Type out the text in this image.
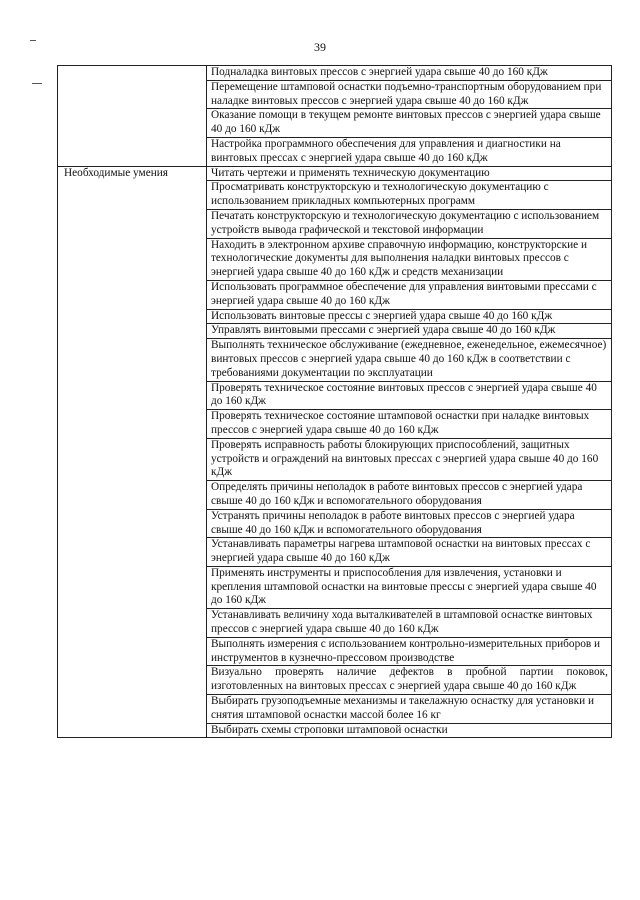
39
	Подналадка винтовых прессов с энергией удара свыше 40 до 160 кДж
	Перемещение штамповой оснастки подъемно-транспортным оборудованием при наладке винтовых прессов с энергией удара свыше 40 до 160 кДж
	Оказание помощи в текущем ремонте винтовых прессов с энергией удара свыше 40 до 160 кДж
	Настройка программного обеспечения для управления и диагностики на винтовых прессах с энергией удара свыше 40 до 160 кДж
Необходимые умения	Читать чертежи и применять техническую документацию
	Просматривать конструкторскую и технологическую документацию с использованием прикладных компьютерных программ
	Печатать конструкторскую и технологическую документацию с использованием устройств вывода графической и текстовой информации
	Находить в электронном архиве справочную информацию, конструкторские и технологические документы для выполнения наладки винтовых прессов с энергией удара свыше 40 до 160 кДж и средств механизации
	Использовать программное обеспечение для управления винтовыми прессами с энергией удара свыше 40 до 160 кДж
	Использовать винтовые прессы с энергией удара свыше 40 до 160 кДж
	Управлять винтовыми прессами с энергией удара свыше 40 до 160 кДж
	Выполнять техническое обслуживание (ежедневное, еженедельное, ежемесячное) винтовых прессов с энергией удара свыше 40 до 160 кДж в соответствии с требованиями документации по эксплуатации
	Проверять техническое состояние винтовых прессов с энергией удара свыше 40 до 160 кДж
	Проверять техническое состояние штамповой оснастки при наладке винтовых прессов с энергией удара свыше 40 до 160 кДж
	Проверять исправность работы блокирующих приспособлений, защитных устройств и ограждений на винтовых прессах с энергией удара свыше 40 до 160 кДж
	Определять причины неполадок в работе винтовых прессов с энергией удара свыше 40 до 160 кДж и вспомогательного оборудования
	Устранять причины неполадок в работе винтовых прессов с энергией удара свыше 40 до 160 кДж и вспомогательного оборудования
	Устанавливать параметры нагрева штамповой оснастки на винтовых прессах с энергией удара свыше 40 до 160 кДж
	Применять инструменты и приспособления для извлечения, установки и крепления штамповой оснастки на винтовые прессы с энергией удара свыше 40 до 160 кДж
	Устанавливать величину хода выталкивателей в штамповой оснастке винтовых прессов с энергией удара свыше 40 до 160 кДж
	Выполнять измерения с использованием контрольно-измерительных приборов и инструментов в кузнечно-прессовом производстве
	Визуально проверять наличие дефектов в пробной партии поковок, изготовленных на винтовых прессах с энергией удара свыше 40 до 160 кДж
	Выбирать грузоподъемные механизмы и такелажную оснастку для установки и снятия штамповой оснастки массой более 16 кг
	Выбирать схемы строповки штамповой оснастки
